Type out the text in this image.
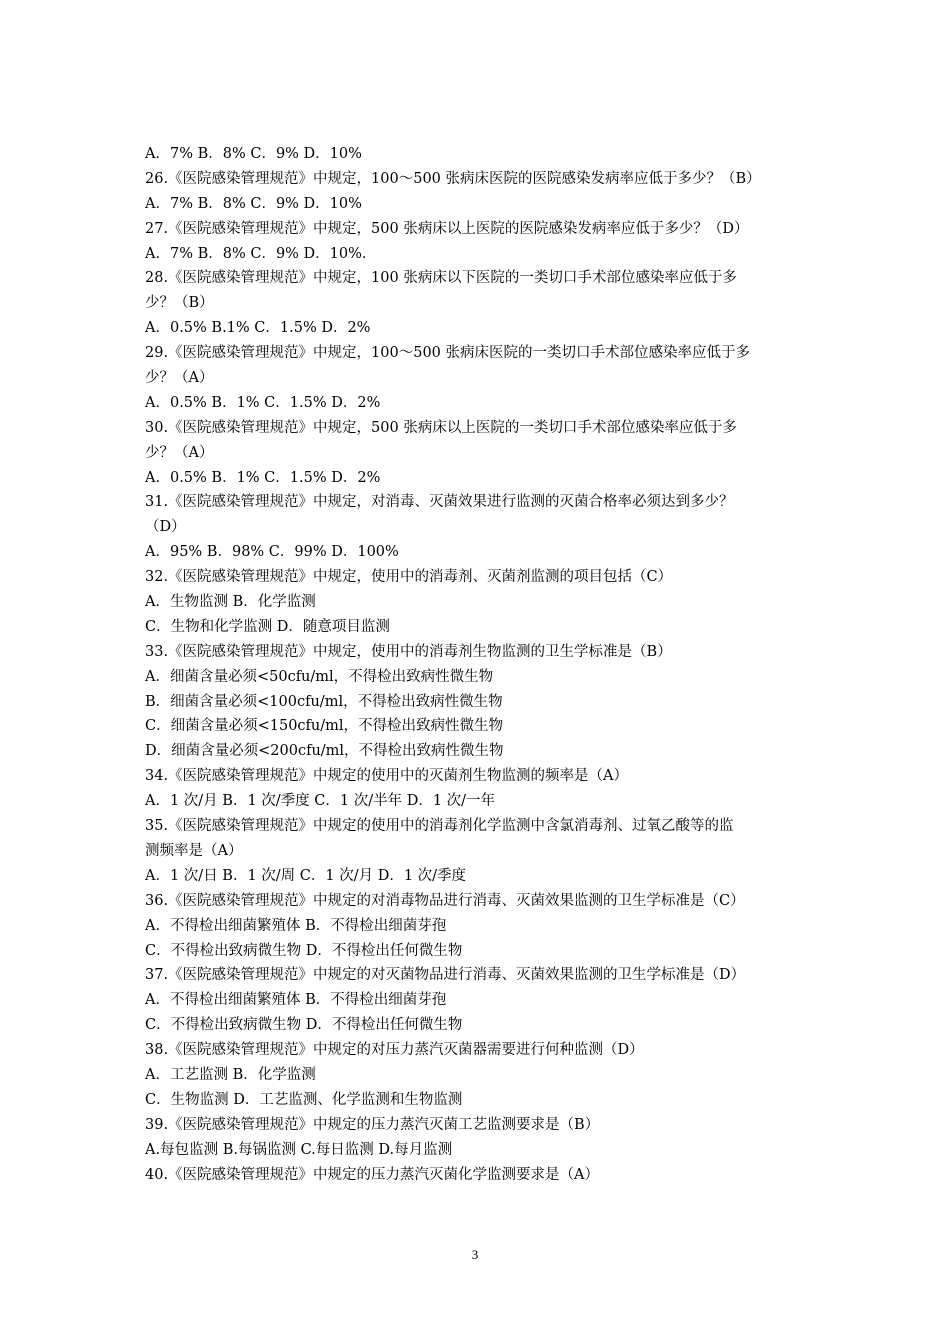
A．7% B．8% C．9% D．10%
26.《医院感染管理规范》中规定，100～500 张病床医院的医院感染发病率应低于多少？（B）
A．7% B．8% C．9% D．10%
27.《医院感染管理规范》中规定，500 张病床以上医院的医院感染发病率应低于多少？（D）
A．7% B．8% C．9% D．10%．
28.《医院感染管理规范》中规定，100 张病床以下医院的一类切口手术部位感染率应低于多
少？（B）
A．0.5% B.1% C．1.5% D．2%
29.《医院感染管理规范》中规定，100～500 张病床医院的一类切口手术部位感染率应低于多
少？（A）
A．0.5% B．1% C．1.5% D．2%
30.《医院感染管理规范》中规定，500 张病床以上医院的一类切口手术部位感染率应低于多
少？（A）
A．0.5% B．1% C．1.5% D．2%
31.《医院感染管理规范》中规定，对消毒、灭菌效果进行监测的灭菌合格率必须达到多少？
（D）
A．95% B．98% C．99% D．100%
32.《医院感染管理规范》中规定，使用中的消毒剂、灭菌剂监测的项目包括（C）
A．生物监测 B．化学监测
C．生物和化学监测 D．随意项目监测
33.《医院感染管理规范》中规定，使用中的消毒剂生物监测的卫生学标准是（B）
A．细菌含量必须<50cfu/ml，不得检出致病性微生物
B．细菌含量必须<100cfu/ml，不得检出致病性微生物
C．细菌含量必须<150cfu/ml，不得检出致病性微生物
D．细菌含量必须<200cfu/ml，不得检出致病性微生物
34.《医院感染管理规范》中规定的使用中的灭菌剂生物监测的频率是（A）
A．1 次/月 B．1 次/季度 C．1 次/半年 D．1 次/一年
35.《医院感染管理规范》中规定的使用中的消毒剂化学监测中含氯消毒剂、过氧乙酸等的监
测频率是（A）
A．1 次/日 B．1 次/周 C．1 次/月 D．1 次/季度
36.《医院感染管理规范》中规定的对消毒物品进行消毒、灭菌效果监测的卫生学标准是（C）
A．不得检出细菌繁殖体 B．不得检出细菌芽孢
C．不得检出致病微生物 D．不得检出任何微生物
37.《医院感染管理规范》中规定的对灭菌物品进行消毒、灭菌效果监测的卫生学标准是（D）
A．不得检出细菌繁殖体 B．不得检出细菌芽孢
C．不得检出致病微生物 D．不得检出任何微生物
38.《医院感染管理规范》中规定的对压力蒸汽灭菌器需要进行何种监测（D）
A．工艺监测 B．化学监测
C．生物监测 D．工艺监测、化学监测和生物监测
39.《医院感染管理规范》中规定的压力蒸汽灭菌工艺监测要求是（B）
A.每包监测 B.每锅监测 C.每日监测 D.每月监测
40.《医院感染管理规范》中规定的压力蒸汽灭菌化学监测要求是（A）
3
